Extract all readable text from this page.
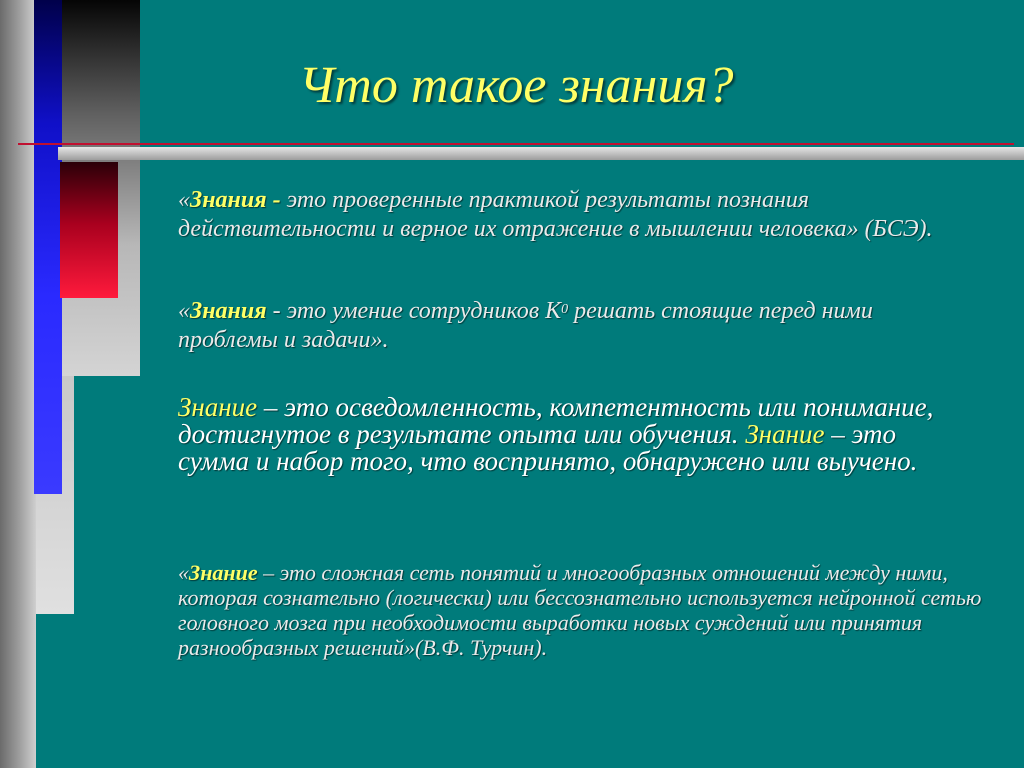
Что такое знания?
«Знания - это проверенные практикой результаты познания действительности и верное их отражение в мышлении человека» (БСЭ).
«Знания - это умение сотрудников $К^0$ решать стоящие перед ними проблемы и задачи».
Знание – это осведомленность, компетентность или понимание, достигнутое в результате опыта или обучения. Знание – это сумма и набор того, что воспринято, обнаружено или выучено.
«Знание – это сложная сеть понятий и многообразных отношений между ними, которая сознательно (логически) или бессознательно используется нейронной сетью головного мозга при необходимости выработки новых суждений или принятия разнообразных решений»(В.Ф. Турчин).
